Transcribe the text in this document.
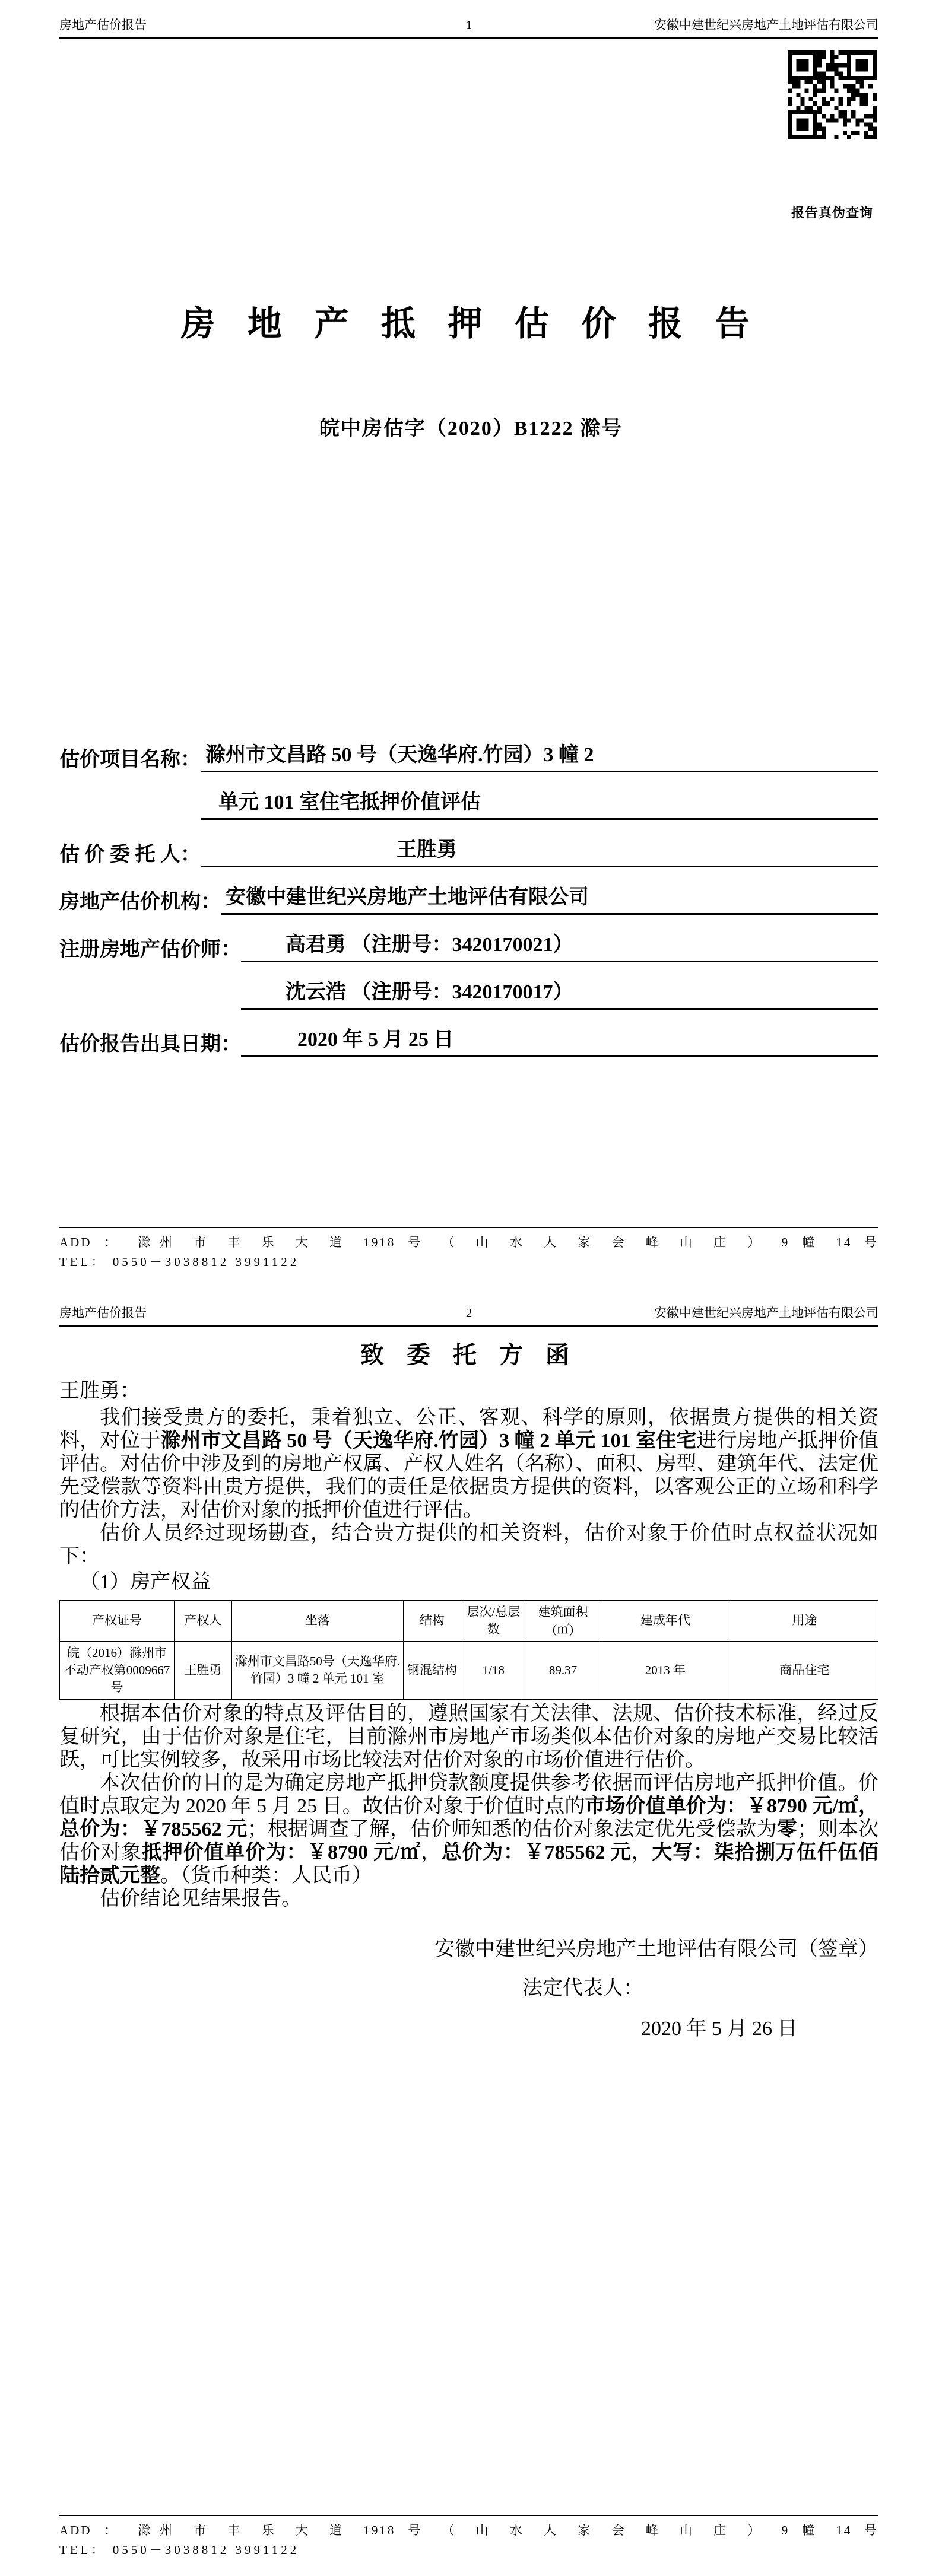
房地产估价报告	1	安徽中建世纪兴房地产土地评估有限公司
报告真伪查询
房 地 产 抵 押 估 价 报 告
皖中房估字（2020）B1222 滁号
估价项目名称： 滁州市文昌路 50 号（天逸华府.竹园）3 幢 2
单元 101 室住宅抵押价值评估
估 价 委 托 人：	王胜勇
房地产估价机构： 安徽中建世纪兴房地产土地评估有限公司
注册房地产估价师：	高君勇 （注册号：3420170021）
沈云浩 （注册号：3420170017）
估价报告出具日期：	2020 年 5 月 25 日
ADD ： 滁州 市 丰 乐 大 道 1918 号 （ 山 水 人 家 会 峰 山 庄 ） 9 幢 14 号
TEL： 0550－3038812 3991122
房地产估价报告	2	安徽中建世纪兴房地产土地评估有限公司
致 委 托 方 函
王胜勇：

我们接受贵方的委托，秉着独立、公正、客观、科学的原则，依据贵方提供的相关资料，对位于滁州市文昌路 50 号（天逸华府.竹园）3 幢 2 单元 101 室住宅进行房地产抵押价值评估。对估价中涉及到的房地产权属、产权人姓名（名称）、面积、房型、建筑年代、法定优先受偿款等资料由贵方提供，我们的责任是依据贵方提供的资料，以客观公正的立场和科学的估价方法，对估价对象的抵押价值进行评估。

估价人员经过现场勘查，结合贵方提供的相关资料，估价对象于价值时点权益状况如下：

（1）房产权益
产权证号	产权人	坐落	结构	层次/总层数	建筑面积(㎡)	建成年代	用途
皖（2016）滁州市不动产权第0009667 号	王胜勇	滁州市文昌路50号（天逸华府. 竹园）3 幢 2 单元 101 室	钢混结构	1/18	89.37	2013 年	商品住宅

根据本估价对象的特点及评估目的，遵照国家有关法律、法规、估价技术标准，经过反复研究，由于估价对象是住宅，目前滁州市房地产市场类似本估价对象的房地产交易比较活跃，可比实例较多，故采用市场比较法对估价对象的市场价值进行估价。

本次估价的目的是为确定房地产抵押贷款额度提供参考依据而评估房地产抵押价值。价值时点取定为 2020 年 5 月 25 日。故估价对象于价值时点的市场价值单价为：￥8790 元/㎡，总价为：￥785562 元；根据调查了解，估价师知悉的估价对象法定优先受偿款为零；则本次估价对象抵押价值单价为：￥8790 元/㎡，总价为：￥785562 元，大写：柒拾捌万伍仟伍佰陆拾贰元整。（货币种类：人民币）

估价结论见结果报告。

安徽中建世纪兴房地产土地评估有限公司（签章）
法定代表人：
2020 年 5 月 26 日
ADD ： 滁州 市 丰 乐 大 道 1918 号 （ 山 水 人 家 会 峰 山 庄 ） 9 幢 14 号
TEL： 0550－3038812 3991122
